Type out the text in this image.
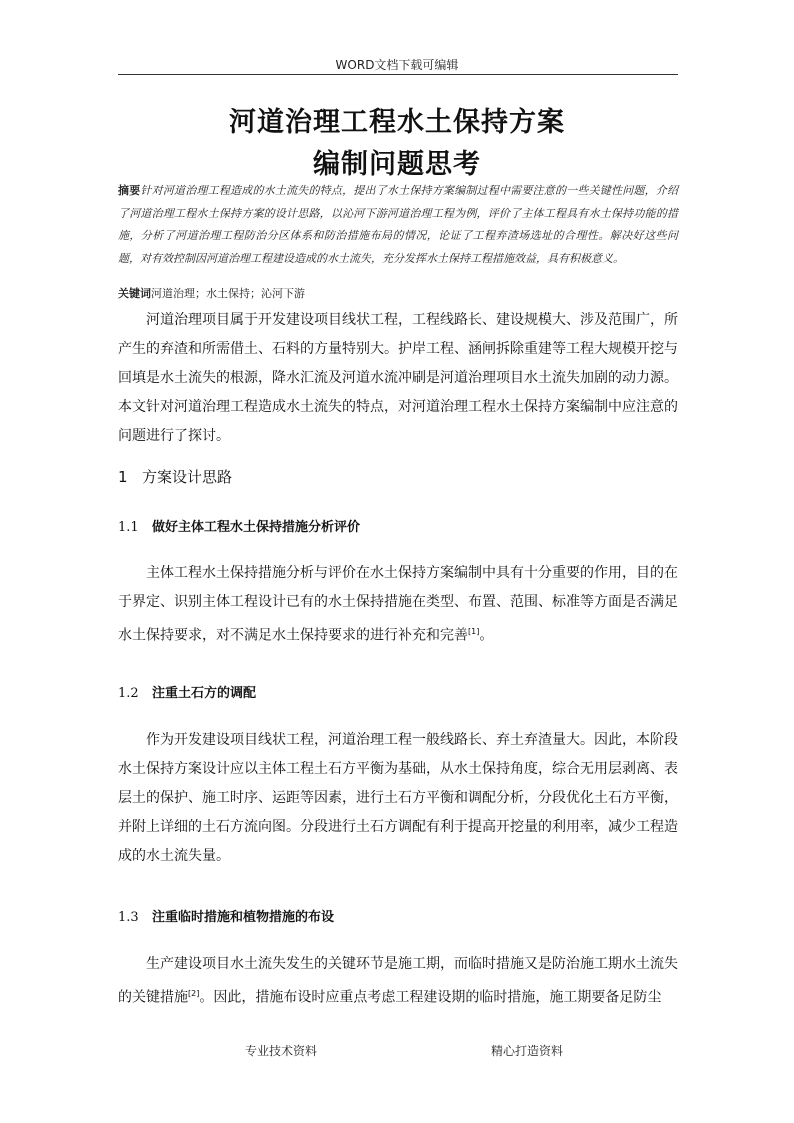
WORD文档下载可编辑
河道治理工程水土保持方案
编制问题思考
摘要针对河道治理工程造成的水土流失的特点，提出了水土保持方案编制过程中需要注意的一些关键性问题，介绍了河道治理工程水土保持方案的设计思路，以沁河下游河道治理工程为例，评价了主体工程具有水土保持功能的措施，分析了河道治理工程防治分区体系和防治措施布局的情况，论证了工程弃渣场选址的合理性。解决好这些问题，对有效控制因河道治理工程建设造成的水土流失，充分发挥水土保持工程措施效益，具有积极意义。
关键词河道治理；水土保持；沁河下游
河道治理项目属于开发建设项目线状工程，工程线路长、建设规模大、涉及范围广，所产生的弃渣和所需借土、石料的方量特别大。护岸工程、涵闸拆除重建等工程大规模开挖与回填是水土流失的根源，降水汇流及河道水流冲刷是河道治理项目水土流失加剧的动力源。本文针对河道治理工程造成水土流失的特点，对河道治理工程水土保持方案编制中应注意的问题进行了探讨。
1 方案设计思路
1.1 做好主体工程水土保持措施分析评价
主体工程水土保持措施分析与评价在水土保持方案编制中具有十分重要的作用，目的在于界定、识别主体工程设计已有的水土保持措施在类型、布置、范围、标准等方面是否满足水土保持要求，对不满足水土保持要求的进行补充和完善[1]。
1.2 注重土石方的调配
作为开发建设项目线状工程，河道治理工程一般线路长、弃土弃渣量大。因此，本阶段水土保持方案设计应以主体工程土石方平衡为基础，从水土保持角度，综合无用层剥离、表层土的保护、施工时序、运距等因素，进行土石方平衡和调配分析，分段优化土石方平衡，并附上详细的土石方流向图。分段进行土石方调配有利于提高开挖量的利用率，减少工程造成的水土流失量。
1.3 注重临时措施和植物措施的布设
生产建设项目水土流失发生的关键环节是施工期，而临时措施又是防治施工期水土流失的关键措施[2]。因此，措施布设时应重点考虑工程建设期的临时措施，施工期要备足防尘
专业技术资料	精心打造资料
